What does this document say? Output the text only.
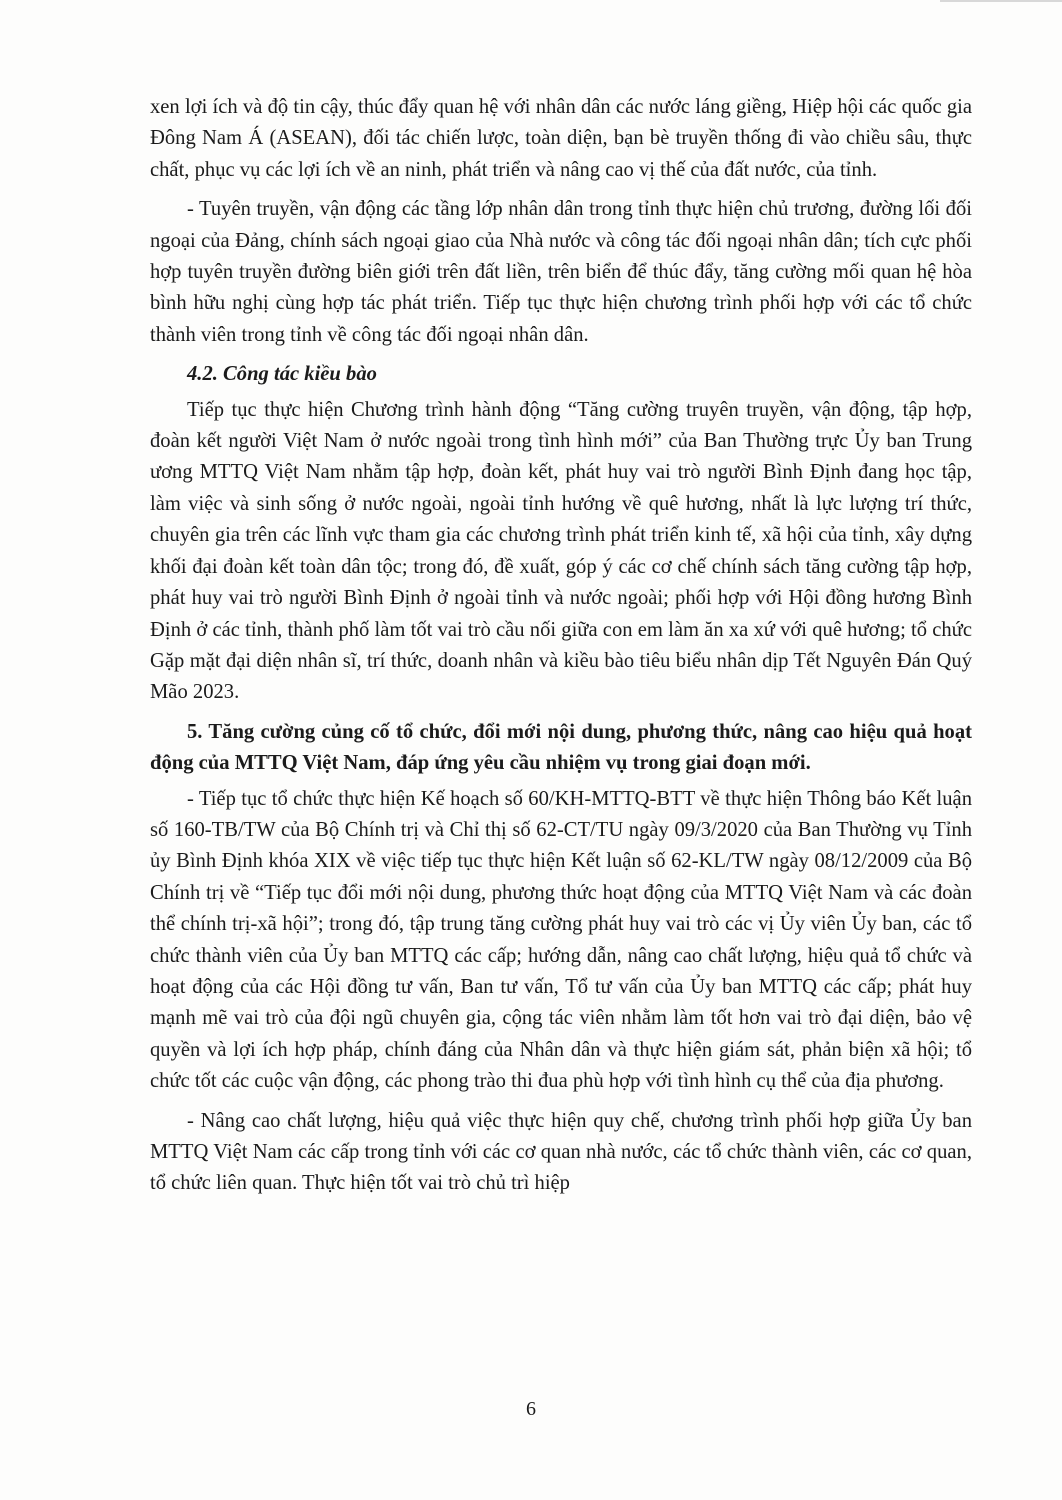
xen lợi ích và độ tin cậy, thúc đẩy quan hệ với nhân dân các nước láng giềng, Hiệp hội các quốc gia Đông Nam Á (ASEAN), đối tác chiến lược, toàn diện, bạn bè truyền thống đi vào chiều sâu, thực chất, phục vụ các lợi ích về an ninh, phát triển và nâng cao vị thế của đất nước, của tỉnh.

- Tuyên truyền, vận động các tầng lớp nhân dân trong tỉnh thực hiện chủ trương, đường lối đối ngoại của Đảng, chính sách ngoại giao của Nhà nước và công tác đối ngoại nhân dân; tích cực phối hợp tuyên truyền đường biên giới trên đất liền, trên biển để thúc đẩy, tăng cường mối quan hệ hòa bình hữu nghị cùng hợp tác phát triển. Tiếp tục thực hiện chương trình phối hợp với các tổ chức thành viên trong tỉnh về công tác đối ngoại nhân dân.

4.2. Công tác kiều bào

Tiếp tục thực hiện Chương trình hành động “Tăng cường truyên truyền, vận động, tập hợp, đoàn kết người Việt Nam ở nước ngoài trong tình hình mới” của Ban Thường trực Ủy ban Trung ương MTTQ Việt Nam nhằm tập hợp, đoàn kết, phát huy vai trò người Bình Định đang học tập, làm việc và sinh sống ở nước ngoài, ngoài tỉnh hướng về quê hương, nhất là lực lượng trí thức, chuyên gia trên các lĩnh vực tham gia các chương trình phát triển kinh tế, xã hội của tỉnh, xây dựng khối đại đoàn kết toàn dân tộc; trong đó, đề xuất, góp ý các cơ chế chính sách tăng cường tập hợp, phát huy vai trò người Bình Định ở ngoài tỉnh và nước ngoài; phối hợp với Hội đồng hương Bình Định ở các tỉnh, thành phố làm tốt vai trò cầu nối giữa con em làm ăn xa xứ với quê hương; tổ chức Gặp mặt đại diện nhân sĩ, trí thức, doanh nhân và kiều bào tiêu biểu nhân dịp Tết Nguyên Đán Quý Mão 2023.

5. Tăng cường củng cố tổ chức, đổi mới nội dung, phương thức, nâng cao hiệu quả hoạt động của MTTQ Việt Nam, đáp ứng yêu cầu nhiệm vụ trong giai đoạn mới.

- Tiếp tục tổ chức thực hiện Kế hoạch số 60/KH-MTTQ-BTT về thực hiện Thông báo Kết luận số 160-TB/TW của Bộ Chính trị và Chỉ thị số 62-CT/TU ngày 09/3/2020 của Ban Thường vụ Tỉnh ủy Bình Định khóa XIX về việc tiếp tục thực hiện Kết luận số 62-KL/TW ngày 08/12/2009 của Bộ Chính trị về “Tiếp tục đổi mới nội dung, phương thức hoạt động của MTTQ Việt Nam và các đoàn thể chính trị-xã hội”; trong đó, tập trung tăng cường phát huy vai trò các vị Ủy viên Ủy ban, các tổ chức thành viên của Ủy ban MTTQ các cấp; hướng dẫn, nâng cao chất lượng, hiệu quả tổ chức và hoạt động của các Hội đồng tư vấn, Ban tư vấn, Tổ tư vấn của Ủy ban MTTQ các cấp; phát huy mạnh mẽ vai trò của đội ngũ chuyên gia, cộng tác viên nhằm làm tốt hơn vai trò đại diện, bảo vệ quyền và lợi ích hợp pháp, chính đáng của Nhân dân và thực hiện giám sát, phản biện xã hội; tổ chức tốt các cuộc vận động, các phong trào thi đua phù hợp với tình hình cụ thể của địa phương.

- Nâng cao chất lượng, hiệu quả việc thực hiện quy chế, chương trình phối hợp giữa Ủy ban MTTQ Việt Nam các cấp trong tỉnh với các cơ quan nhà nước, các tổ chức thành viên, các cơ quan, tổ chức liên quan. Thực hiện tốt vai trò chủ trì hiệp

6
